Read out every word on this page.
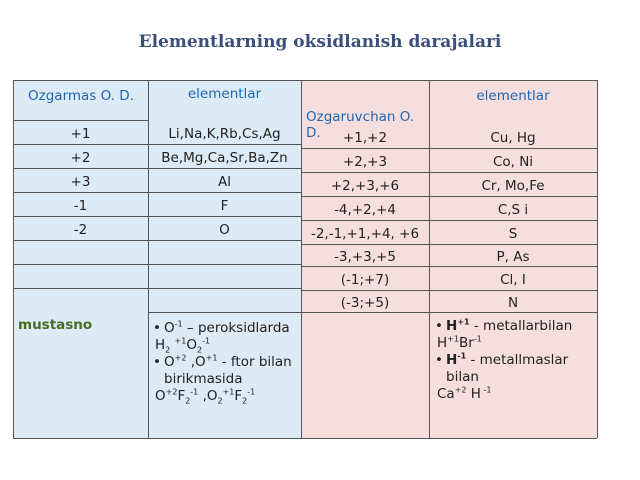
Elementlarning oksidlanish darajalari
Ozgarmas O. D.	elementlar
Ozgaruvchan O. D.
elementlar
+1
+2
+3
-1
-2
Li,Na,K,Rb,Cs,Ag
Be,Mg,Ca,Sr,Ba,Zn
Al
F
O
+1,+2
+2,+3
+2,+3,+6
-4,+2,+4
-2,-1,+1,+4, +6
-3,+3,+5
(-1;+7)
(-3;+5)
Cu, Hg
Co, Ni
Cr, Mo,Fe
C,S i
S
P, As
Cl, I
N
mustasno
•	$O^{-1}$ – peroksidlarda
$H_2$ $^{+1}O_2^{-1}$
• $O^{+2}$ $,O^{+1}$ - ftor bilan birikmasida
$O^{+2}F_2^{-1}$ $,O_2^{+1}F_2^{-1}$
• $H^{+1}$ - metallarbilan
$H^{+1}Br^{-1}$
• $H^{-1}$ - metallmaslar bilan
$Ca^{+2}$ H $^{-1}$
